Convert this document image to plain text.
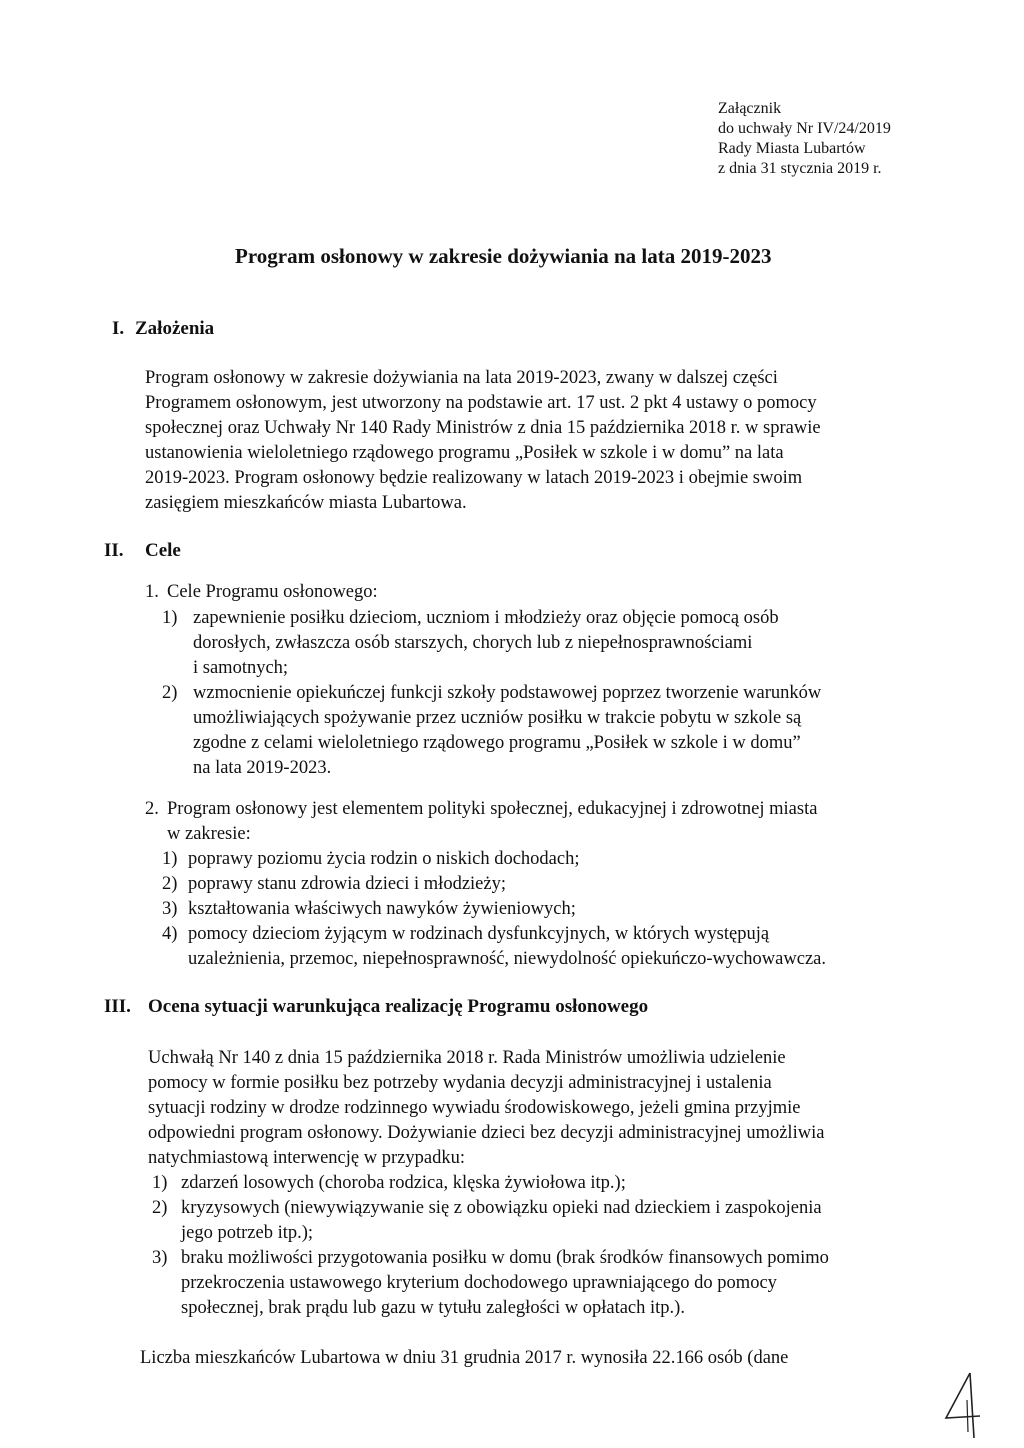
Załącznik
do uchwały Nr IV/24/2019
Rady Miasta Lubartów
z dnia 31 stycznia 2019 r.
Program osłonowy w zakresie dożywiania na lata 2019-2023
I. Założenia
Program osłonowy w zakresie dożywiania na lata 2019-2023, zwany w dalszej części
Programem osłonowym, jest utworzony na podstawie art. 17 ust. 2 pkt 4 ustawy o pomocy
społecznej oraz Uchwały Nr 140 Rady Ministrów z dnia 15 października 2018 r. w sprawie
ustanowienia wieloletniego rządowego programu „Posiłek w szkole i w domu” na lata
2019-2023. Program osłonowy będzie realizowany w latach 2019-2023 i obejmie swoim
zasięgiem mieszkańców miasta Lubartowa.
II. Cele
1. Cele Programu osłonowego:
1) zapewnienie posiłku dzieciom, uczniom i młodzieży oraz objęcie pomocą osób
dorosłych, zwłaszcza osób starszych, chorych lub z niepełnosprawnościami
i samotnych;
2) wzmocnienie opiekuńczej funkcji szkoły podstawowej poprzez tworzenie warunków
umożliwiających spożywanie przez uczniów posiłku w trakcie pobytu w szkole są
zgodne z celami wieloletniego rządowego programu „Posiłek w szkole i w domu”
na lata 2019-2023.
2. Program osłonowy jest elementem polityki społecznej, edukacyjnej i zdrowotnej miasta
w zakresie:
1) poprawy poziomu życia rodzin o niskich dochodach;
2) poprawy stanu zdrowia dzieci i młodzieży;
3) kształtowania właściwych nawyków żywieniowych;
4) pomocy dzieciom żyjącym w rodzinach dysfunkcyjnych, w których występują
uzależnienia, przemoc, niepełnosprawność, niewydolność opiekuńczo-wychowawcza.
III. Ocena sytuacji warunkująca realizację Programu osłonowego
Uchwałą Nr 140 z dnia 15 października 2018 r. Rada Ministrów umożliwia udzielenie
pomocy w formie posiłku bez potrzeby wydania decyzji administracyjnej i ustalenia
sytuacji rodziny w drodze rodzinnego wywiadu środowiskowego, jeżeli gmina przyjmie
odpowiedni program osłonowy. Dożywianie dzieci bez decyzji administracyjnej umożliwia
natychmiastową interwencję w przypadku:
1) zdarzeń losowych (choroba rodzica, klęska żywiołowa itp.);
2) kryzysowych (niewywiązywanie się z obowiązku opieki nad dzieckiem i zaspokojenia
jego potrzeb itp.);
3) braku możliwości przygotowania posiłku w domu (brak środków finansowych pomimo
przekroczenia ustawowego kryterium dochodowego uprawniającego do pomocy
społecznej, brak prądu lub gazu w tytułu zaległości w opłatach itp.).
Liczba mieszkańców Lubartowa w dniu 31 grudnia 2017 r. wynosiła 22.166 osób (dane
